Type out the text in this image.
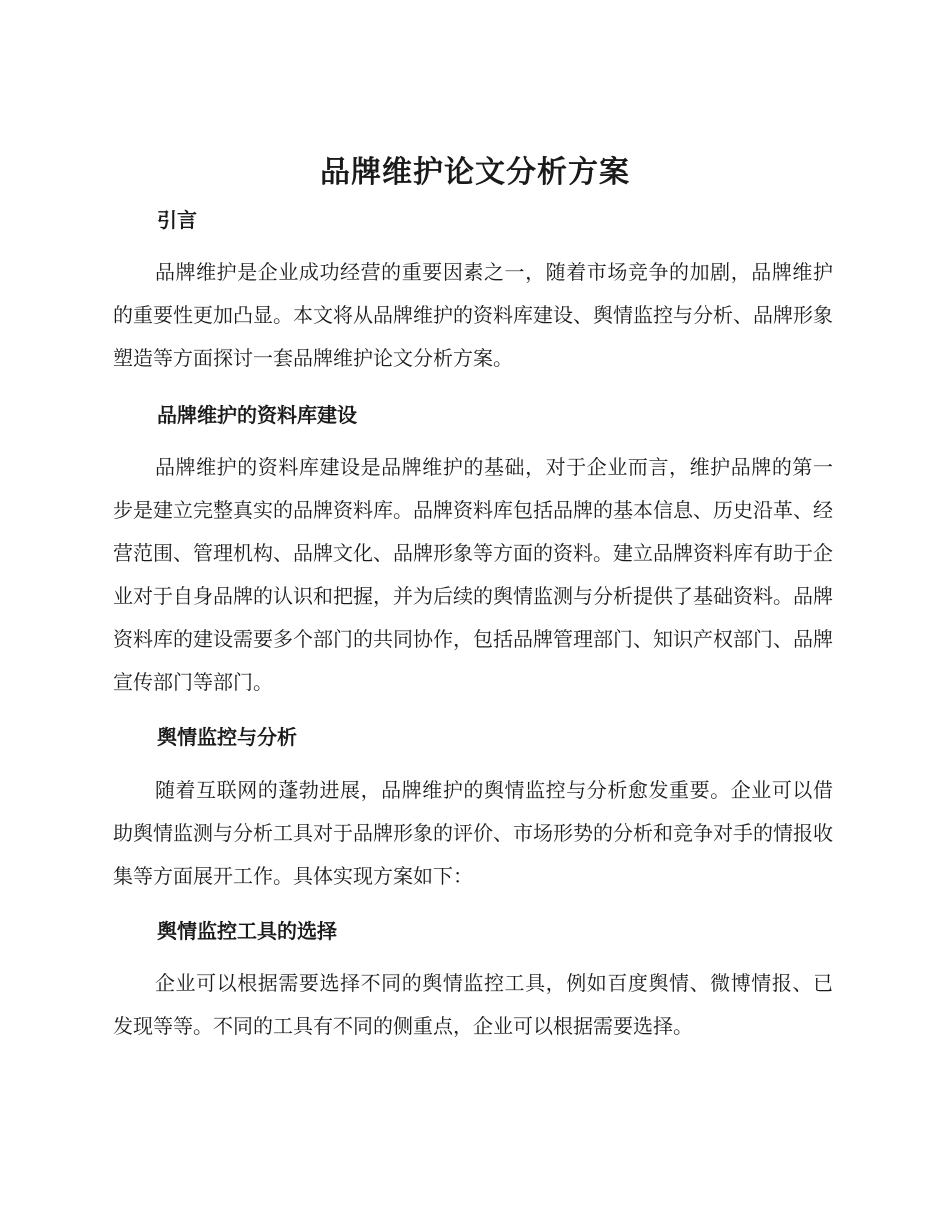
品牌维护论文分析方案
引言

品牌维护是企业成功经营的重要因素之一，随着市场竞争的加剧，品牌维护的重要性更加凸显。本文将从品牌维护的资料库建设、舆情监控与分析、品牌形象塑造等方面探讨一套品牌维护论文分析方案。

品牌维护的资料库建设

品牌维护的资料库建设是品牌维护的基础，对于企业而言，维护品牌的第一步是建立完整真实的品牌资料库。品牌资料库包括品牌的基本信息、历史沿革、经营范围、管理机构、品牌文化、品牌形象等方面的资料。建立品牌资料库有助于企业对于自身品牌的认识和把握，并为后续的舆情监测与分析提供了基础资料。品牌资料库的建设需要多个部门的共同协作，包括品牌管理部门、知识产权部门、品牌宣传部门等部门。

舆情监控与分析

随着互联网的蓬勃进展，品牌维护的舆情监控与分析愈发重要。企业可以借助舆情监测与分析工具对于品牌形象的评价、市场形势的分析和竞争对手的情报收集等方面展开工作。具体实现方案如下：

舆情监控工具的选择

企业可以根据需要选择不同的舆情监控工具，例如百度舆情、微博情报、已发现等等。不同的工具有不同的侧重点，企业可以根据需要选择。
